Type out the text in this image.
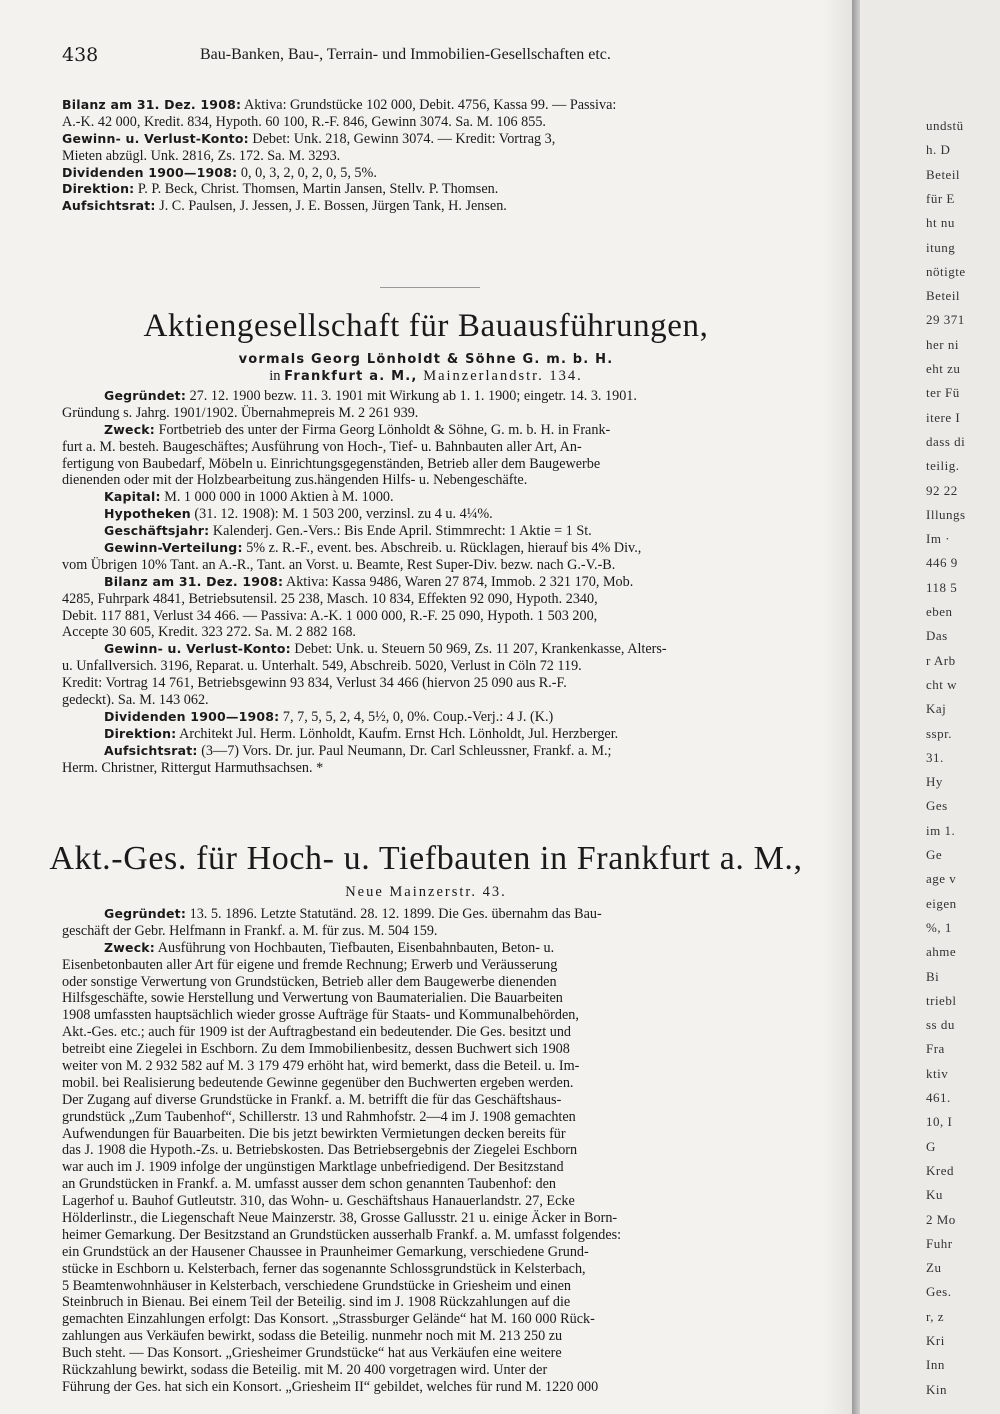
438	Bau-Banken, Bau-, Terrain- und Immobilien-Gesellschaften etc.
Bilanz am 31. Dez. 1908: Aktiva: Grundstücke 102 000, Debit. 4756, Kassa 99. — Passiva:
A.-K. 42 000, Kredit. 834, Hypoth. 60 100, R.-F. 846, Gewinn 3074. Sa. M. 106 855.
Gewinn- u. Verlust-Konto: Debet: Unk. 218, Gewinn 3074. — Kredit: Vortrag 3,
Mieten abzügl. Unk. 2816, Zs. 172. Sa. M. 3293.
Dividenden 1900—1908: 0, 0, 3, 2, 0, 2, 0, 5, 5%.
Direktion: P. P. Beck, Christ. Thomsen, Martin Jansen, Stellv. P. Thomsen.
Aufsichtsrat: J. C. Paulsen, J. Jessen, J. E. Bossen, Jürgen Tank, H. Jensen.
Aktiengesellschaft für Bauausführungen,
vormals Georg Lönholdt & Söhne G. m. b. H.
in Frankfurt a. M., Mainzerlandstr. 134.
Gegründet: 27. 12. 1900 bezw. 11. 3. 1901 mit Wirkung ab 1. 1. 1900; eingetr. 14. 3. 1901.
Gründung s. Jahrg. 1901/1902. Übernahmepreis M. 2 261 939.
Zweck: Fortbetrieb des unter der Firma Georg Lönholdt & Söhne, G. m. b. H. in Frank-
furt a. M. besteh. Baugeschäftes; Ausführung von Hoch-, Tief- u. Bahnbauten aller Art, An-
fertigung von Baubedarf, Möbeln u. Einrichtungsgegenständen, Betrieb aller dem Baugewerbe
dienenden oder mit der Holzbearbeitung zus.hängenden Hilfs- u. Nebengeschäfte.
Kapital: M. 1 000 000 in 1000 Aktien à M. 1000.
Hypotheken (31. 12. 1908): M. 1 503 200, verzinsl. zu 4 u. 4¼%.
Geschäftsjahr: Kalenderj. Gen.-Vers.: Bis Ende April. Stimmrecht: 1 Aktie = 1 St.
Gewinn-Verteilung: 5% z. R.-F., event. bes. Abschreib. u. Rücklagen, hierauf bis 4% Div.,
vom Übrigen 10% Tant. an A.-R., Tant. an Vorst. u. Beamte, Rest Super-Div. bezw. nach G.-V.-B.
Bilanz am 31. Dez. 1908: Aktiva: Kassa 9486, Waren 27 874, Immob. 2 321 170, Mob.
4285, Fuhrpark 4841, Betriebsutensil. 25 238, Masch. 10 834, Effekten 92 090, Hypoth. 2340,
Debit. 117 881, Verlust 34 466. — Passiva: A.-K. 1 000 000, R.-F. 25 090, Hypoth. 1 503 200,
Accepte 30 605, Kredit. 323 272. Sa. M. 2 882 168.
Gewinn- u. Verlust-Konto: Debet: Unk. u. Steuern 50 969, Zs. 11 207, Krankenkasse, Alters-
u. Unfallversich. 3196, Reparat. u. Unterhalt. 549, Abschreib. 5020, Verlust in Cöln 72 119.
Kredit: Vortrag 14 761, Betriebsgewinn 93 834, Verlust 34 466 (hiervon 25 090 aus R.-F.
gedeckt). Sa. M. 143 062.
Dividenden 1900—1908: 7, 7, 5, 5, 2, 4, 5½, 0, 0%. Coup.-Verj.: 4 J. (K.)
Direktion: Architekt Jul. Herm. Lönholdt, Kaufm. Ernst Hch. Lönholdt, Jul. Herzberger.
Aufsichtsrat: (3—7) Vors. Dr. jur. Paul Neumann, Dr. Carl Schleussner, Frankf. a. M.;
Herm. Christner, Rittergut Harmuthsachsen. *
Akt.-Ges. für Hoch- u. Tiefbauten in Frankfurt a. M.,
Neue Mainzerstr. 43.
Gegründet: 13. 5. 1896. Letzte Statutänd. 28. 12. 1899. Die Ges. übernahm das Bau-
geschäft der Gebr. Helfmann in Frankf. a. M. für zus. M. 504 159.
Zweck: Ausführung von Hochbauten, Tiefbauten, Eisenbahnbauten, Beton- u.
Eisenbetonbauten aller Art für eigene und fremde Rechnung; Erwerb und Veräusserung
oder sonstige Verwertung von Grundstücken, Betrieb aller dem Baugewerbe dienenden
Hilfsgeschäfte, sowie Herstellung und Verwertung von Baumaterialien. Die Bauarbeiten
1908 umfassten hauptsächlich wieder grosse Aufträge für Staats- und Kommunalbehörden,
Akt.-Ges. etc.; auch für 1909 ist der Auftragbestand ein bedeutender. Die Ges. besitzt und
betreibt eine Ziegelei in Eschborn. Zu dem Immobilienbesitz, dessen Buchwert sich 1908
weiter von M. 2 932 582 auf M. 3 179 479 erhöht hat, wird bemerkt, dass die Beteil. u. Im-
mobil. bei Realisierung bedeutende Gewinne gegenüber den Buchwerten ergeben werden.
Der Zugang auf diverse Grundstücke in Frankf. a. M. betrifft die für das Geschäftshaus-
grundstück „Zum Taubenhof“, Schillerstr. 13 und Rahmhofstr. 2—4 im J. 1908 gemachten
Aufwendungen für Bauarbeiten. Die bis jetzt bewirkten Vermietungen decken bereits für
das J. 1908 die Hypoth.-Zs. u. Betriebskosten. Das Betriebsergebnis der Ziegelei Eschborn
war auch im J. 1909 infolge der ungünstigen Marktlage unbefriedigend. Der Besitzstand
an Grundstücken in Frankf. a. M. umfasst ausser dem schon genannten Taubenhof: den
Lagerhof u. Bauhof Gutleutstr. 310, das Wohn- u. Geschäftshaus Hanauerlandstr. 27, Ecke
Hölderlinstr., die Liegenschaft Neue Mainzerstr. 38, Grosse Gallusstr. 21 u. einige Äcker in Born-
heimer Gemarkung. Der Besitzstand an Grundstücken ausserhalb Frankf. a. M. umfasst folgendes:
ein Grundstück an der Hausener Chaussee in Praunheimer Gemarkung, verschiedene Grund-
stücke in Eschborn u. Kelsterbach, ferner das sogenannte Schlossgrundstück in Kelsterbach,
5 Beamtenwohnhäuser in Kelsterbach, verschiedene Grundstücke in Griesheim und einen
Steinbruch in Bienau. Bei einem Teil der Beteilig. sind im J. 1908 Rückzahlungen auf die
gemachten Einzahlungen erfolgt: Das Konsort. „Strassburger Gelände“ hat M. 160 000 Rück-
zahlungen aus Verkäufen bewirkt, sodass die Beteilig. nunmehr noch mit M. 213 250 zu
Buch steht. — Das Konsort. „Griesheimer Grundstücke“ hat aus Verkäufen eine weitere
Rückzahlung bewirkt, sodass die Beteilig. mit M. 20 400 vorgetragen wird. Unter der
Führung der Ges. hat sich ein Konsort. „Griesheim II“ gebildet, welches für rund M. 1220 000
undstü
h. D
Beteil
für E
ht nu
itung
nötigte
Beteil
29 371
her ni
eht zu
ter Fü
itere I
dass di
teilig.
92 22
Illungs
Im ·
446 9
118 5
eben
Das
r Arb
cht w
Kaj
sspr.
31.
Hy
Ges
im 1.
Ge
age v
eigen
%, 1
ahme
Bi
triebl
ss du
Fra
ktiv
461.
10, I
G
Kred
Ku
2 Mo
Fuhr
Zu
Ges.
r, z
Kri
Inn
Kin
